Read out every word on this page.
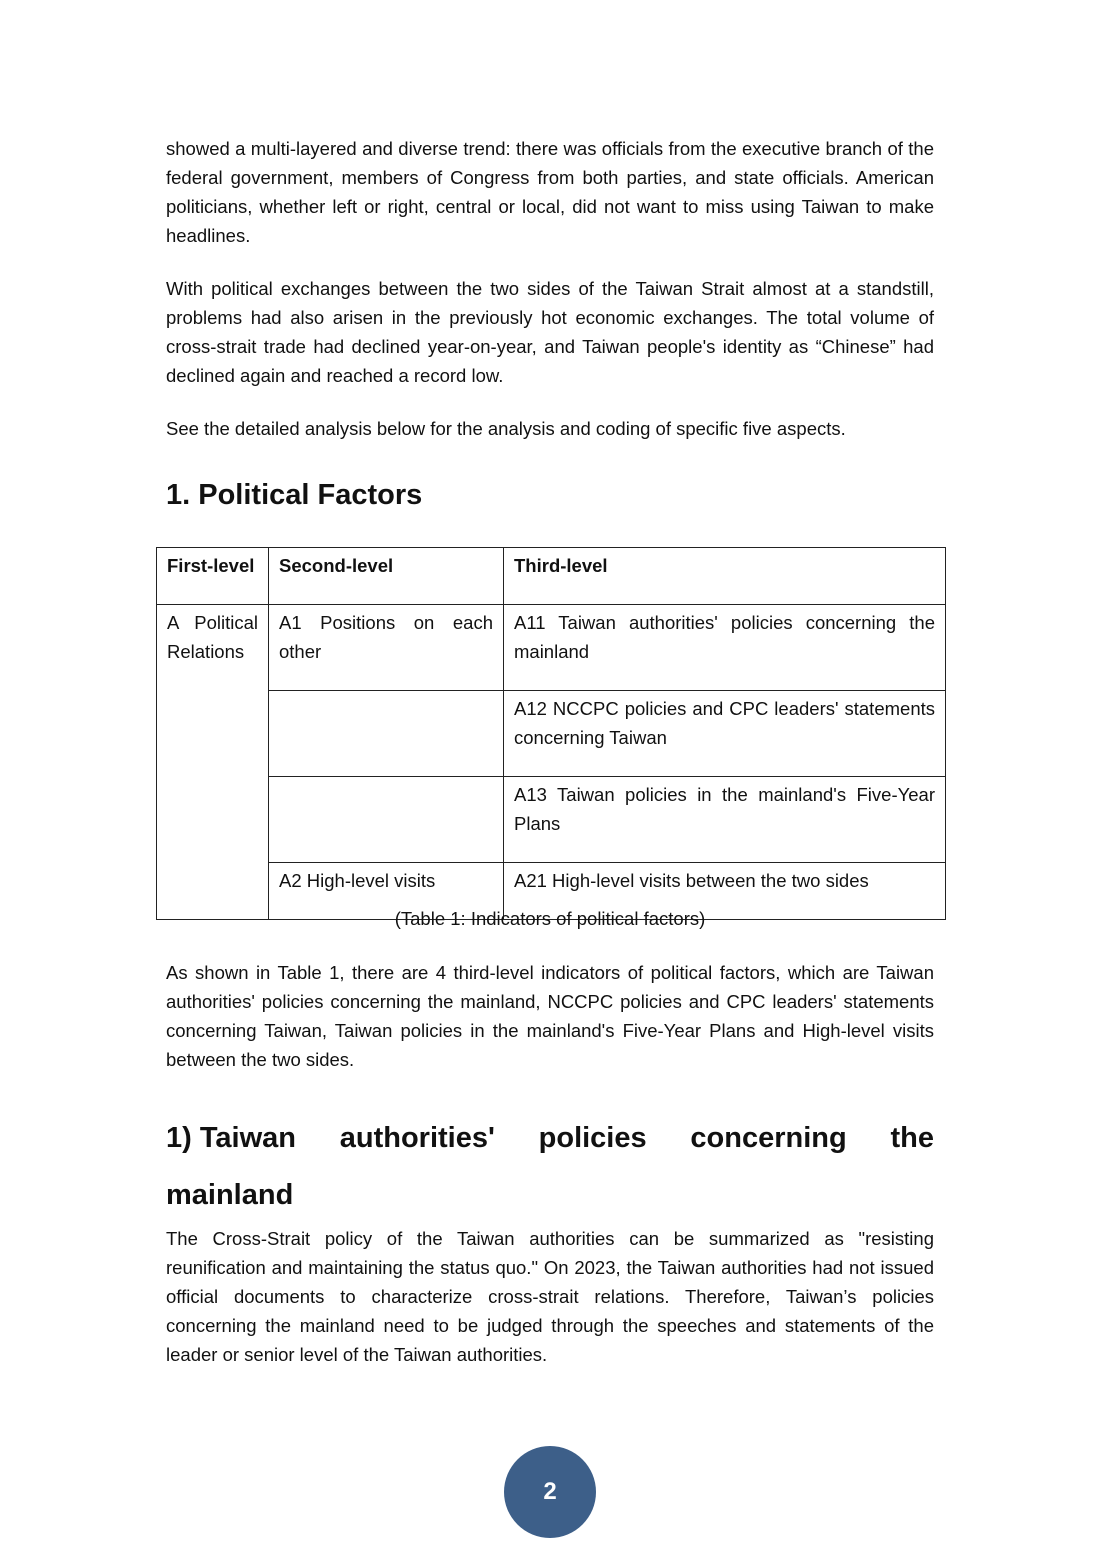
showed a multi-layered and diverse trend: there was officials from the executive branch of the federal government, members of Congress from both parties, and state officials. American politicians, whether left or right, central or local, did not want to miss using Taiwan to make headlines.

With political exchanges between the two sides of the Taiwan Strait almost at a standstill, problems had also arisen in the previously hot economic exchanges. The total volume of cross-strait trade had declined year-on-year, and Taiwan people's identity as “Chinese” had declined again and reached a record low.

See the detailed analysis below for the analysis and coding of specific five aspects.

1. Political Factors
First-level	Second-level	Third-level
A Political Relations	A1 Positions on each other	A11 Taiwan authorities' policies concerning the mainland
		A12 NCCPC policies and CPC leaders' statements concerning Taiwan
		A13 Taiwan policies in the mainland's Five-Year Plans
	A2 High-level visits	A21 High-level visits between the two sides
(Table 1: Indicators of political factors)

As shown in Table 1, there are 4 third-level indicators of political factors, which are Taiwan authorities' policies concerning the mainland, NCCPC policies and CPC leaders' statements concerning Taiwan, Taiwan policies in the mainland's Five-Year Plans and High-level visits between the two sides.

1) Taiwan authorities' policies concerning the
mainland

The Cross-Strait policy of the Taiwan authorities can be summarized as "resisting reunification and maintaining the status quo." On 2023, the Taiwan authorities had not issued official documents to characterize cross-strait relations. Therefore, Taiwan’s policies concerning the mainland need to be judged through the speeches and statements of the leader or senior level of the Taiwan authorities.

2
